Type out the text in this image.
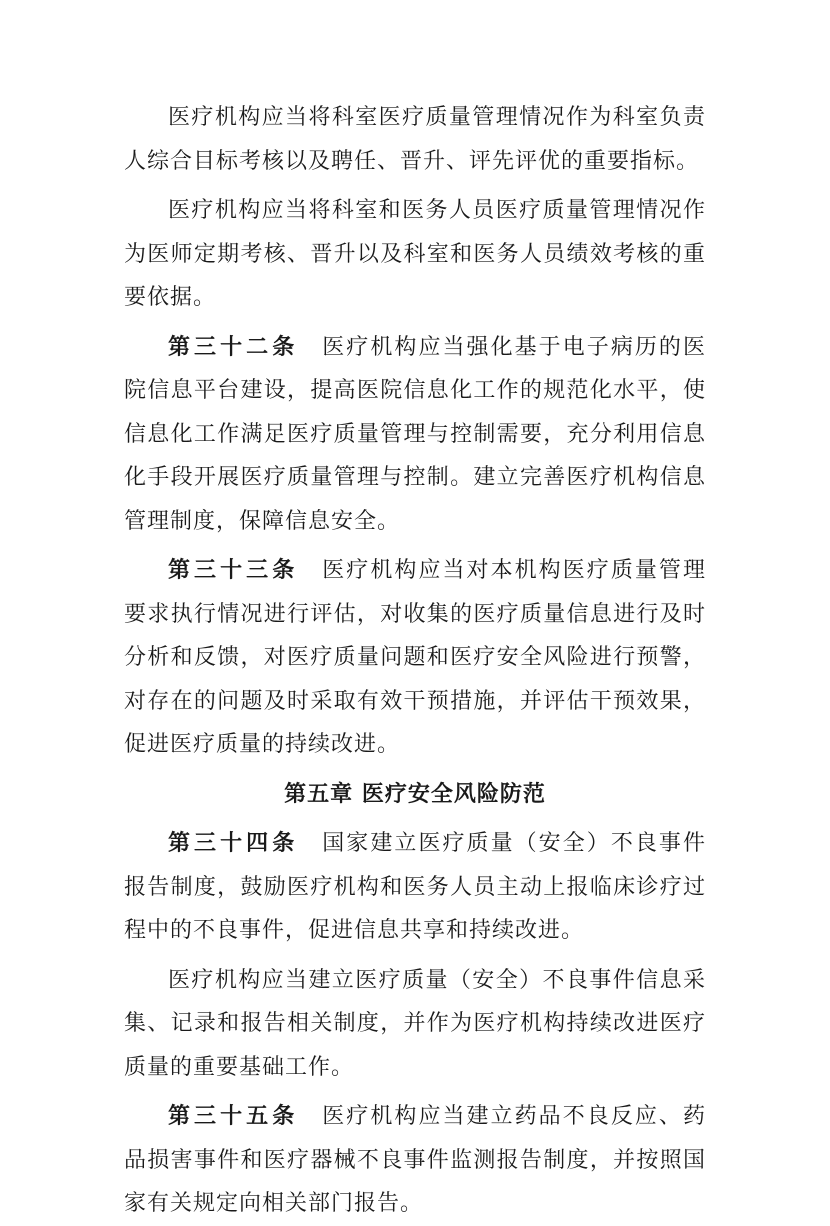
医疗机构应当将科室医疗质量管理情况作为科室负责人综合目标考核以及聘任、晋升、评先评优的重要指标。

医疗机构应当将科室和医务人员医疗质量管理情况作为医师定期考核、晋升以及科室和医务人员绩效考核的重要依据。

第三十二条 医疗机构应当强化基于电子病历的医院信息平台建设，提高医院信息化工作的规范化水平，使信息化工作满足医疗质量管理与控制需要，充分利用信息化手段开展医疗质量管理与控制。建立完善医疗机构信息管理制度，保障信息安全。

第三十三条 医疗机构应当对本机构医疗质量管理要求执行情况进行评估，对收集的医疗质量信息进行及时分析和反馈，对医疗质量问题和医疗安全风险进行预警，对存在的问题及时采取有效干预措施，并评估干预效果，促进医疗质量的持续改进。

第五章 医疗安全风险防范

第三十四条 国家建立医疗质量（安全）不良事件报告制度，鼓励医疗机构和医务人员主动上报临床诊疗过程中的不良事件，促进信息共享和持续改进。

医疗机构应当建立医疗质量（安全）不良事件信息采集、记录和报告相关制度，并作为医疗机构持续改进医疗质量的重要基础工作。

第三十五条 医疗机构应当建立药品不良反应、药品损害事件和医疗器械不良事件监测报告制度，并按照国家有关规定向相关部门报告。
